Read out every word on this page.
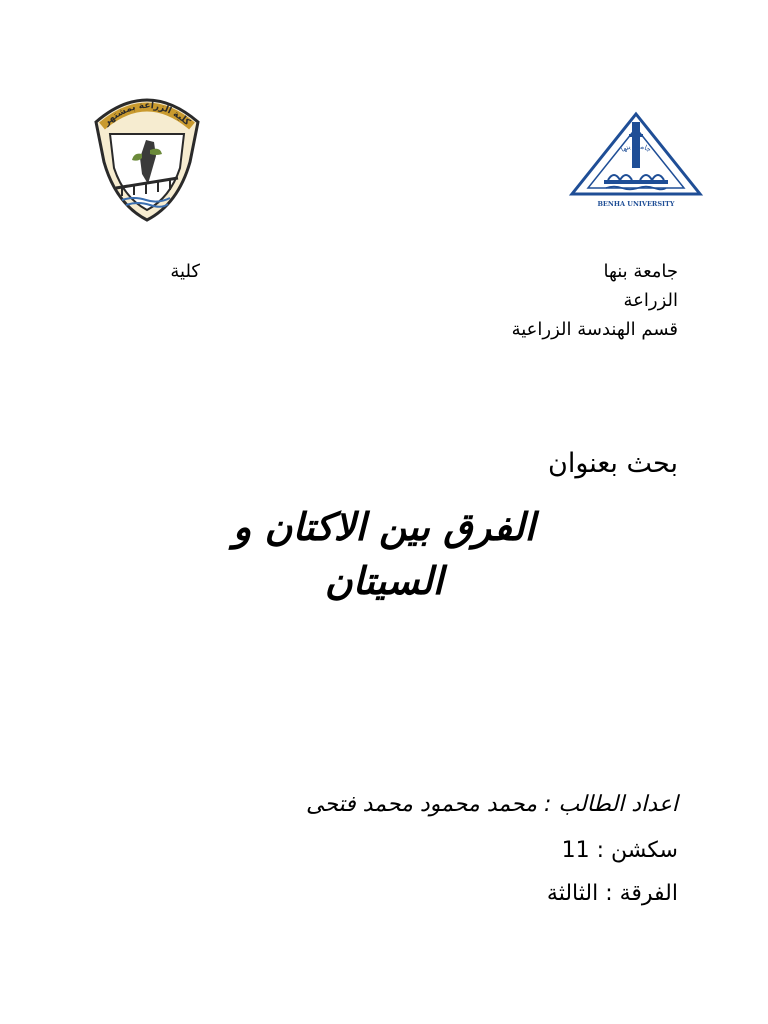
كلية الزراعة بمشتهر
جامعة بنها
BENHA UNIVERSITY
جامعة بنها
كلية
الزراعة
قسم الهندسة الزراعية
بحث بعنوان
الفرق بين الاكتان و
السيتان
اعداد الطالب : محمد محمود محمد فتحى
سكشن : 11
الفرقة : الثالثة
